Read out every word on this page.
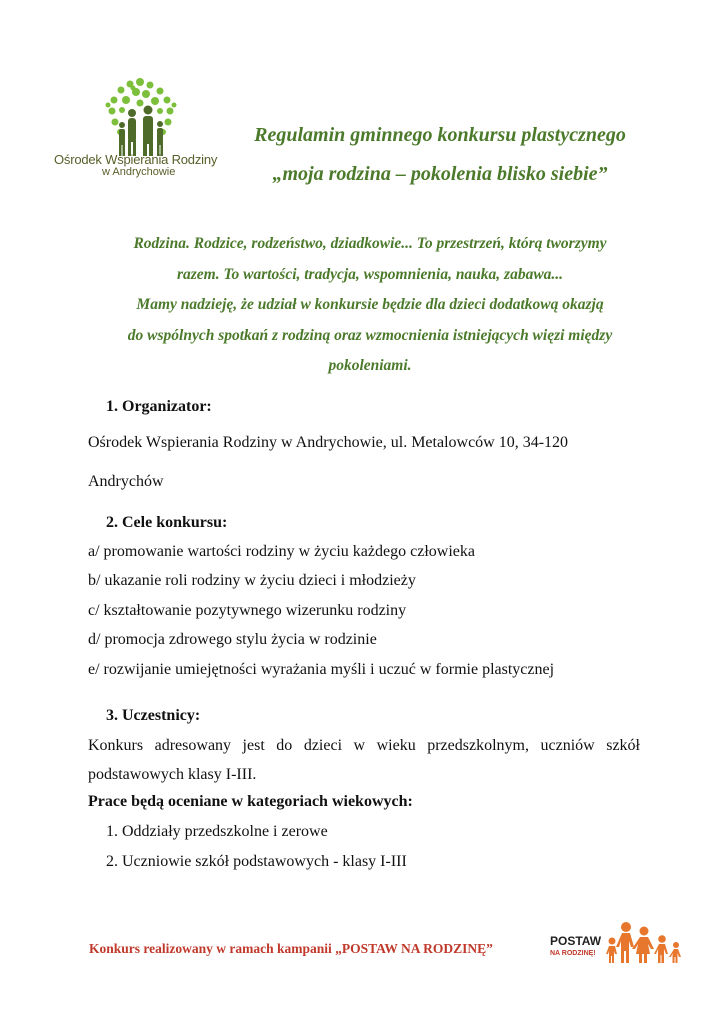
Ośrodek Wspierania Rodziny
w Andrychowie
Regulamin gminnego konkursu plastycznego
„moja rodzina – pokolenia blisko siebie”
Rodzina. Rodzice, rodzeństwo, dziadkowie... To przestrzeń, którą tworzymy
razem. To wartości, tradycja, wspomnienia, nauka, zabawa...
Mamy nadzieję, że udział w konkursie będzie dla dzieci dodatkową okazją
do wspólnych spotkań z rodziną oraz wzmocnienia istniejących więzi między
pokoleniami.
1. Organizator:
Ośrodek Wspierania Rodziny w Andrychowie, ul. Metalowców 10, 34-120
Andrychów
2. Cele konkursu:
a/ promowanie wartości rodziny w życiu każdego człowieka
b/ ukazanie roli rodziny w życiu dzieci i młodzieży
c/ kształtowanie pozytywnego wizerunku rodziny
d/ promocja zdrowego stylu życia w rodzinie
e/ rozwijanie umiejętności wyrażania myśli i uczuć w formie plastycznej
3. Uczestnicy:
Konkurs adresowany jest do dzieci w wieku przedszkolnym, uczniów szkół
podstawowych klasy I-III.
Prace będą oceniane w kategoriach wiekowych:
1. Oddziały przedszkolne i zerowe
2. Uczniowie szkół podstawowych - klasy I-III
Konkurs realizowany w ramach kampanii „POSTAW NA RODZINĘ”	POSTAW
NA RODZINĘ!
